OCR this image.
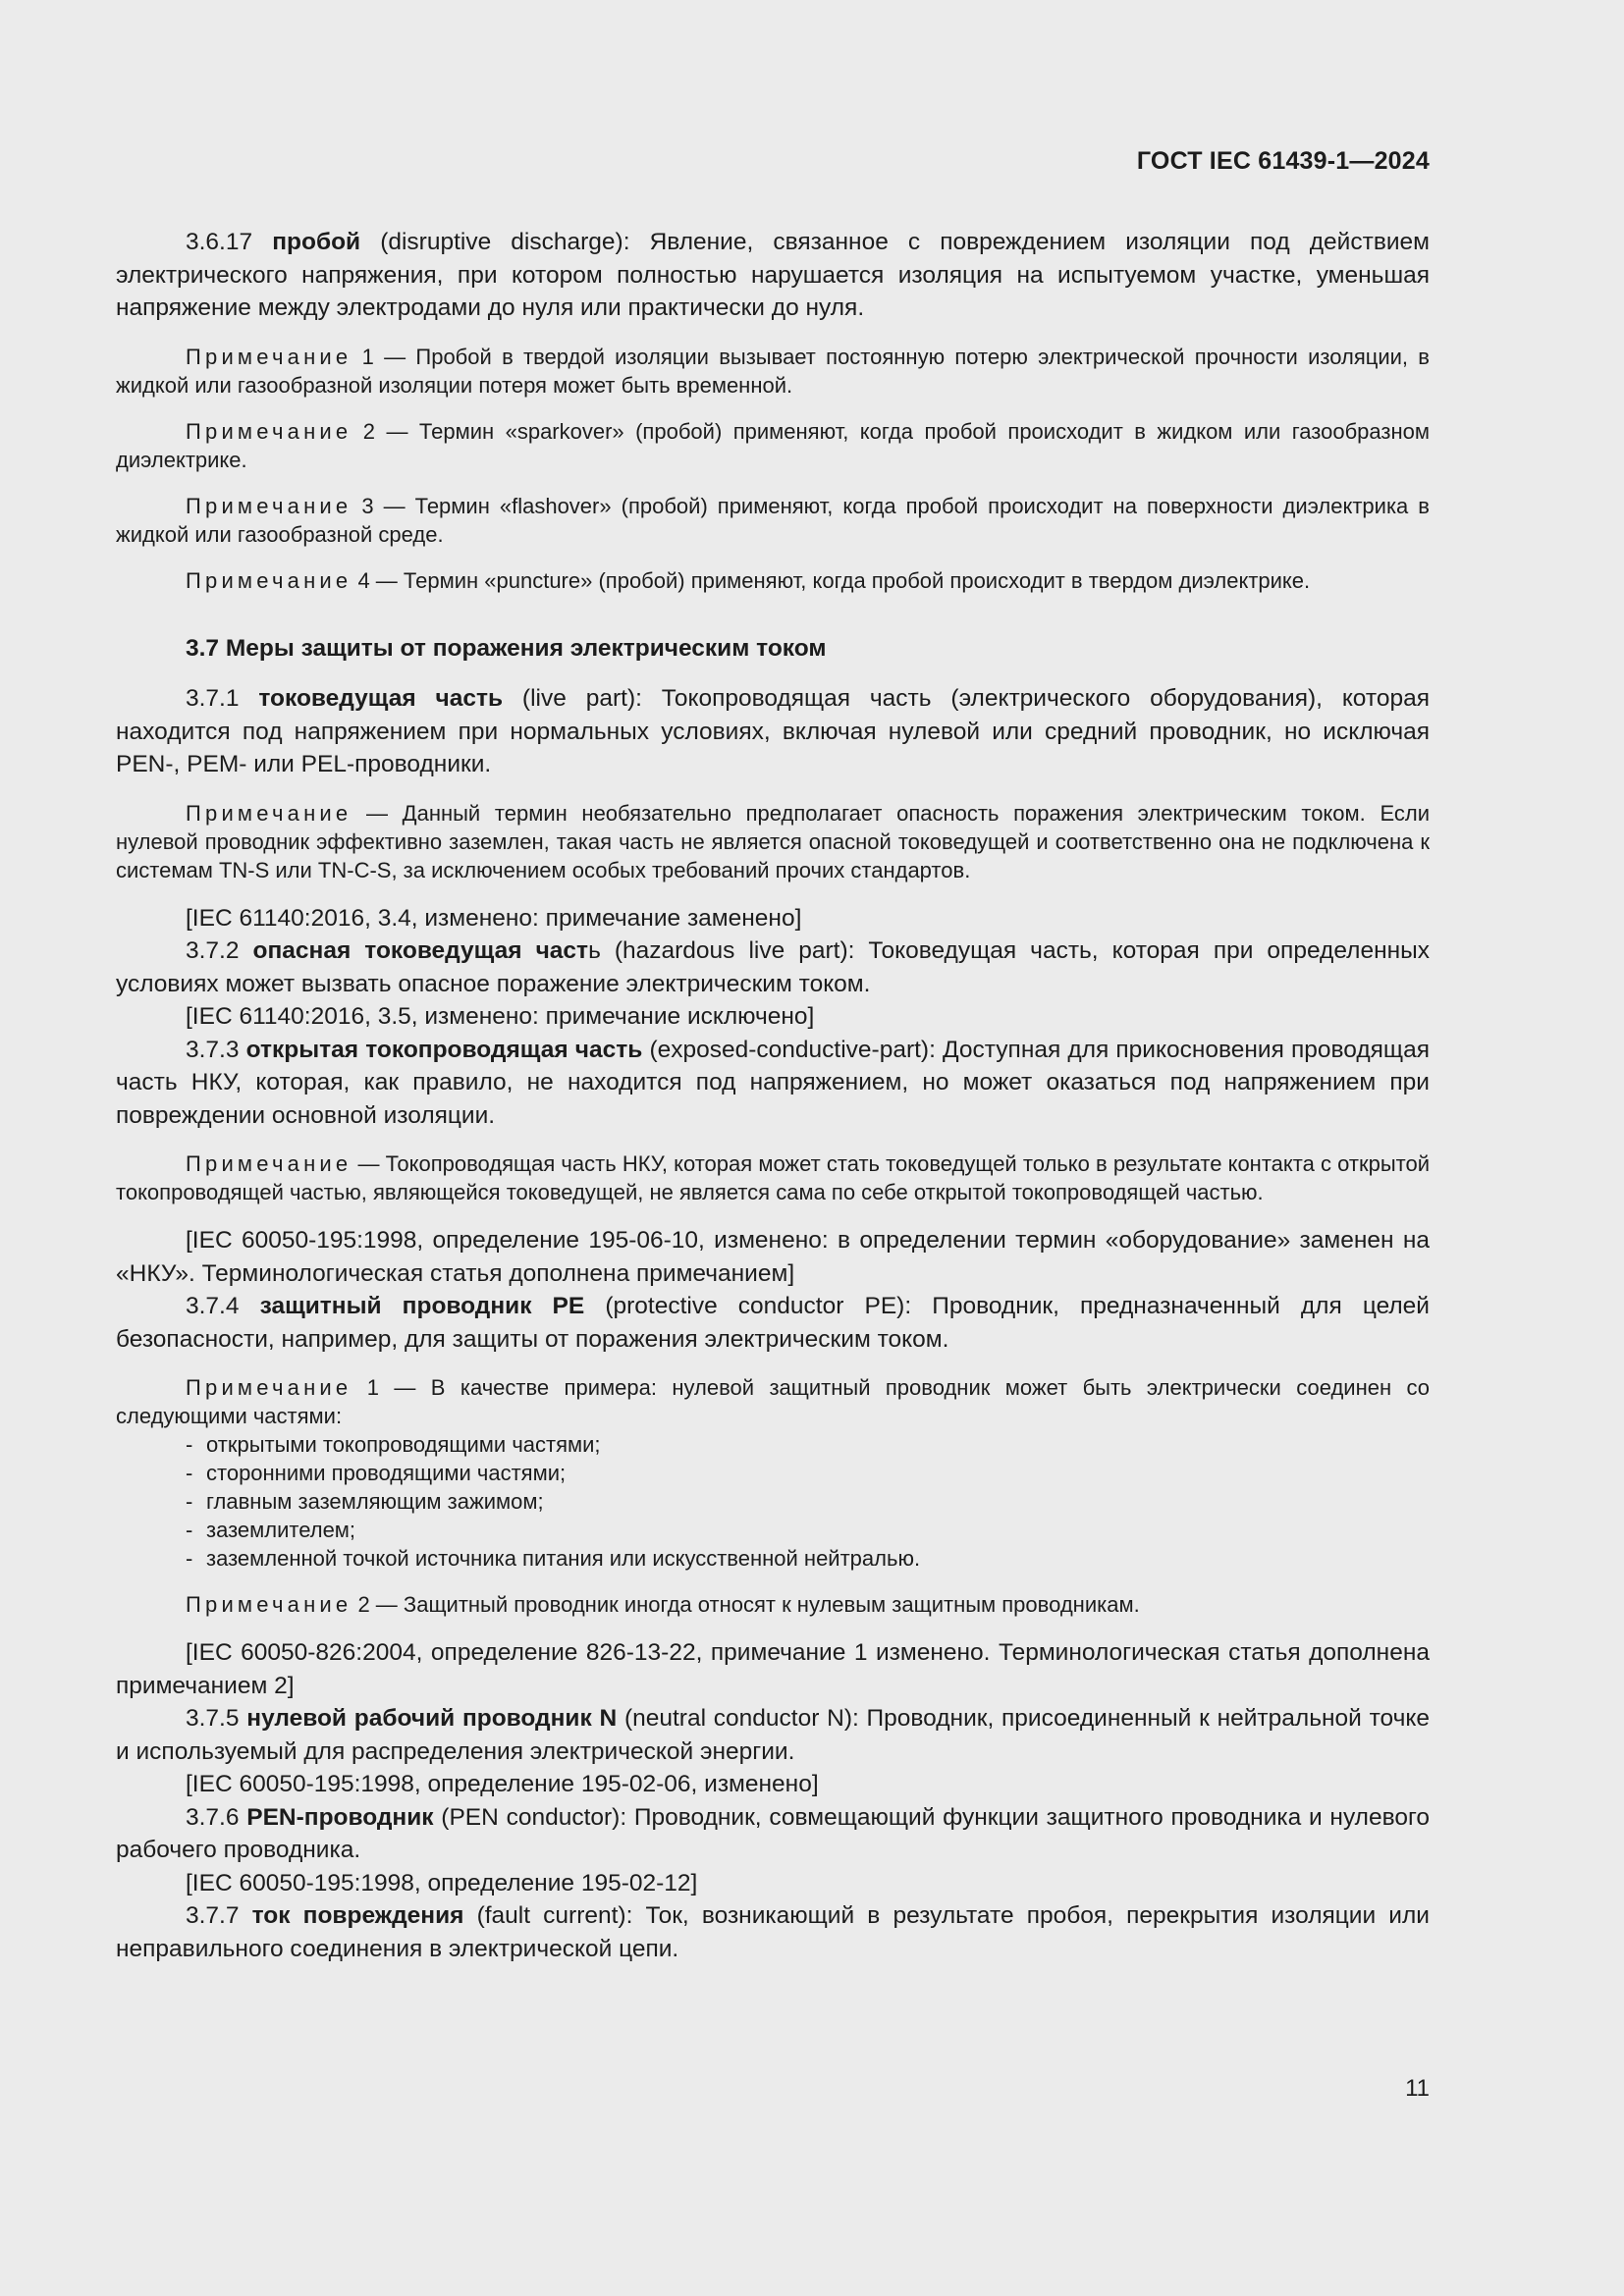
ГОСТ IEC 61439-1—2024

3.6.17 пробой (disruptive discharge): Явление, связанное с повреждением изоляции под действием электрического напряжения, при котором полностью нарушается изоляция на испытуемом участке, уменьшая напряжение между электродами до нуля или практически до нуля.

Примечание 1 — Пробой в твердой изоляции вызывает постоянную потерю электрической прочности изоляции, в жидкой или газообразной изоляции потеря может быть временной.

Примечание 2 — Термин «sparkover» (пробой) применяют, когда пробой происходит в жидком или газообразном диэлектрике.

Примечание 3 — Термин «flashover» (пробой) применяют, когда пробой происходит на поверхности диэлектрика в жидкой или газообразной среде.

Примечание 4 — Термин «puncture» (пробой) применяют, когда пробой происходит в твердом диэлектрике.

3.7 Меры защиты от поражения электрическим током

3.7.1 токоведущая часть (live part): Токопроводящая часть (электрического оборудования), которая находится под напряжением при нормальных условиях, включая нулевой или средний проводник, но исключая PEN-, PEM- или PEL-проводники.

Примечание — Данный термин необязательно предполагает опасность поражения электрическим током. Если нулевой проводник эффективно заземлен, такая часть не является опасной токоведущей и соответственно она не подключена к системам TN-S или TN-C-S, за исключением особых требований прочих стандартов.

[IEC 61140:2016, 3.4, изменено: примечание заменено]

3.7.2 опасная токоведущая часть (hazardous live part): Токоведущая часть, которая при определенных условиях может вызвать опасное поражение электрическим током.

[IEC 61140:2016, 3.5, изменено: примечание исключено]

3.7.3 открытая токопроводящая часть (exposed-conductive-part): Доступная для прикосновения проводящая часть НКУ, которая, как правило, не находится под напряжением, но может оказаться под напряжением при повреждении основной изоляции.

Примечание — Токопроводящая часть НКУ, которая может стать токоведущей только в результате контакта с открытой токопроводящей частью, являющейся токоведущей, не является сама по себе открытой токопроводящей частью.

[IEC 60050-195:1998, определение 195-06-10, изменено: в определении термин «оборудование» заменен на «НКУ». Терминологическая статья дополнена примечанием]

3.7.4 защитный проводник PE (protective conductor PE): Проводник, предназначенный для целей безопасности, например, для защиты от поражения электрическим током.

Примечание 1 — В качестве примера: нулевой защитный проводник может быть электрически соединен со следующими частями:

- открытыми токопроводящими частями;
- сторонними проводящими частями;
- главным заземляющим зажимом;
- заземлителем;
- заземленной точкой источника питания или искусственной нейтралью.

Примечание 2 — Защитный проводник иногда относят к нулевым защитным проводникам.

[IEC 60050-826:2004, определение 826-13-22, примечание 1 изменено. Терминологическая статья дополнена примечанием 2]

3.7.5 нулевой рабочий проводник N (neutral conductor N): Проводник, присоединенный к нейтральной точке и используемый для распределения электрической энергии.

[IEC 60050-195:1998, определение 195-02-06, изменено]

3.7.6 PEN-проводник (PEN conductor): Проводник, совмещающий функции защитного проводника и нулевого рабочего проводника.

[IEC 60050-195:1998, определение 195-02-12]

3.7.7 ток повреждения (fault current): Ток, возникающий в результате пробоя, перекрытия изоляции или неправильного соединения в электрической цепи.

11
